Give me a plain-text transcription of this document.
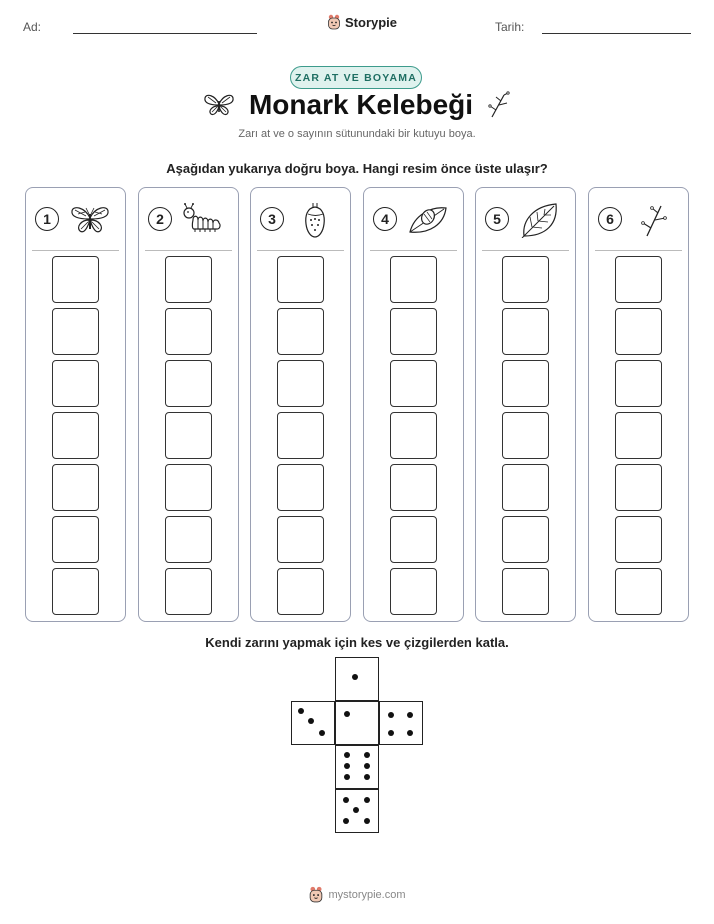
Ad:	Storypie	Tarih:
ZAR AT VE BOYAMA
Monark Kelebeği
Zarı at ve o sayının sütunundaki bir kutuyu boya.
Aşağıdan yukarıya doğru boya. Hangi resim önce üste ulaşır?
1	2	3	4	5	6
Kendi zarını yapmak için kes ve çizgilerden katla.
mystorypie.com
